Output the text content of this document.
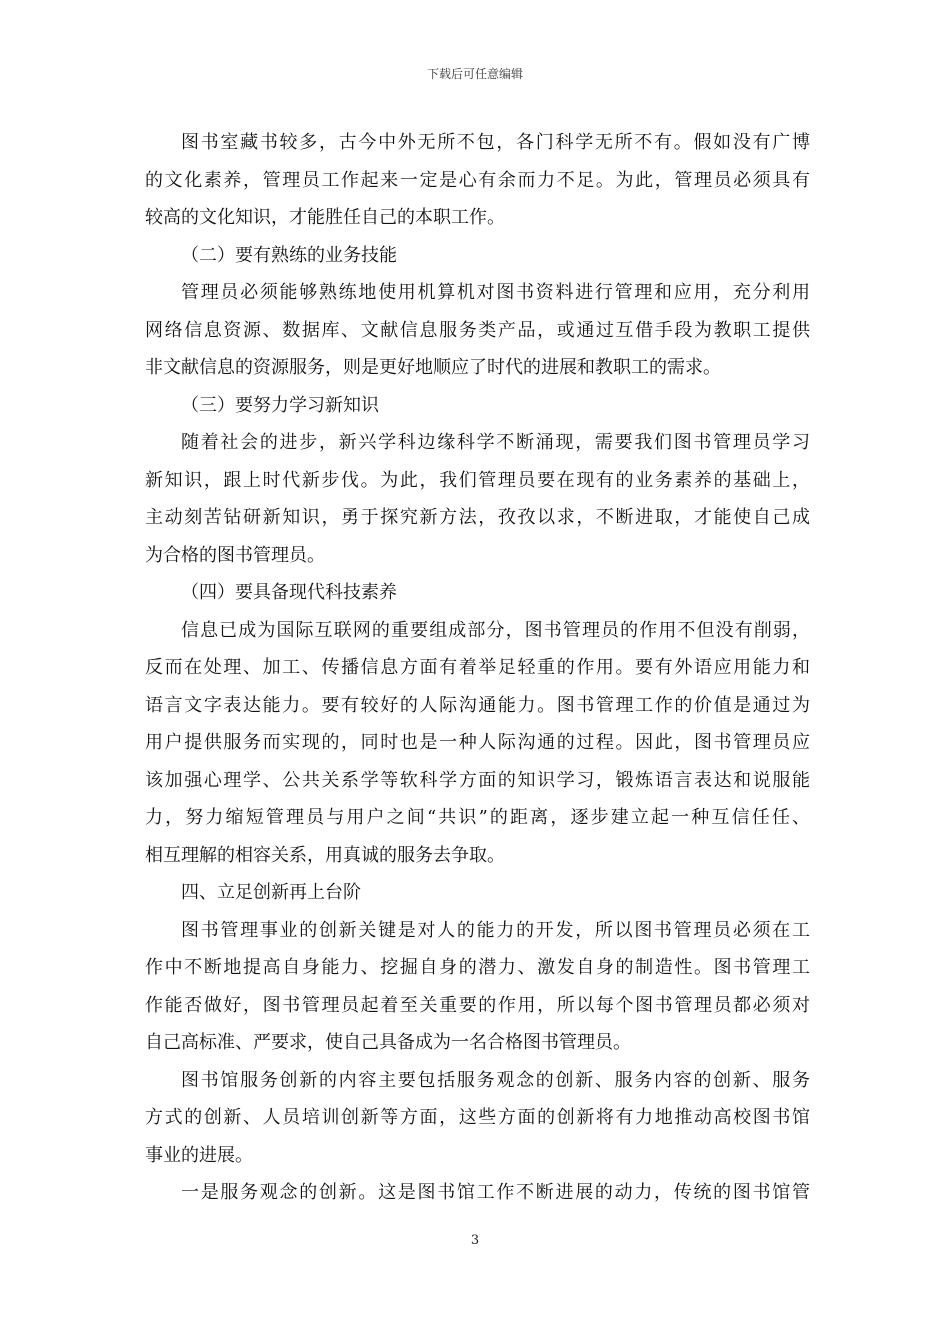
下载后可任意编辑
图书室藏书较多，古今中外无所不包，各门科学无所不有。假如没有广博
的文化素养，管理员工作起来一定是心有余而力不足。为此，管理员必须具有
较高的文化知识，才能胜任自己的本职工作。
（二）要有熟练的业务技能
管理员必须能够熟练地使用机算机对图书资料进行管理和应用，充分利用
网络信息资源、数据库、文献信息服务类产品，或通过互借手段为教职工提供
非文献信息的资源服务，则是更好地顺应了时代的进展和教职工的需求。
（三）要努力学习新知识
随着社会的进步，新兴学科边缘科学不断涌现，需要我们图书管理员学习
新知识，跟上时代新步伐。为此，我们管理员要在现有的业务素养的基础上，
主动刻苦钻研新知识，勇于探究新方法，孜孜以求，不断进取，才能使自己成
为合格的图书管理员。
（四）要具备现代科技素养
信息已成为国际互联网的重要组成部分，图书管理员的作用不但没有削弱，
反而在处理、加工、传播信息方面有着举足轻重的作用。要有外语应用能力和
语言文字表达能力。要有较好的人际沟通能力。图书管理工作的价值是通过为
用户提供服务而实现的，同时也是一种人际沟通的过程。因此，图书管理员应
该加强心理学、公共关系学等软科学方面的知识学习，锻炼语言表达和说服能
力，努力缩短管理员与用户之间“共识”的距离，逐步建立起一种互信任任、
相互理解的相容关系，用真诚的服务去争取。
四、立足创新再上台阶
图书管理事业的创新关键是对人的能力的开发，所以图书管理员必须在工
作中不断地提高自身能力、挖掘自身的潜力、激发自身的制造性。图书管理工
作能否做好，图书管理员起着至关重要的作用，所以每个图书管理员都必须对
自己高标准、严要求，使自己具备成为一名合格图书管理员。
图书馆服务创新的内容主要包括服务观念的创新、服务内容的创新、服务
方式的创新、人员培训创新等方面，这些方面的创新将有力地推动高校图书馆
事业的进展。
一是服务观念的创新。这是图书馆工作不断进展的动力，传统的图书馆管
3
